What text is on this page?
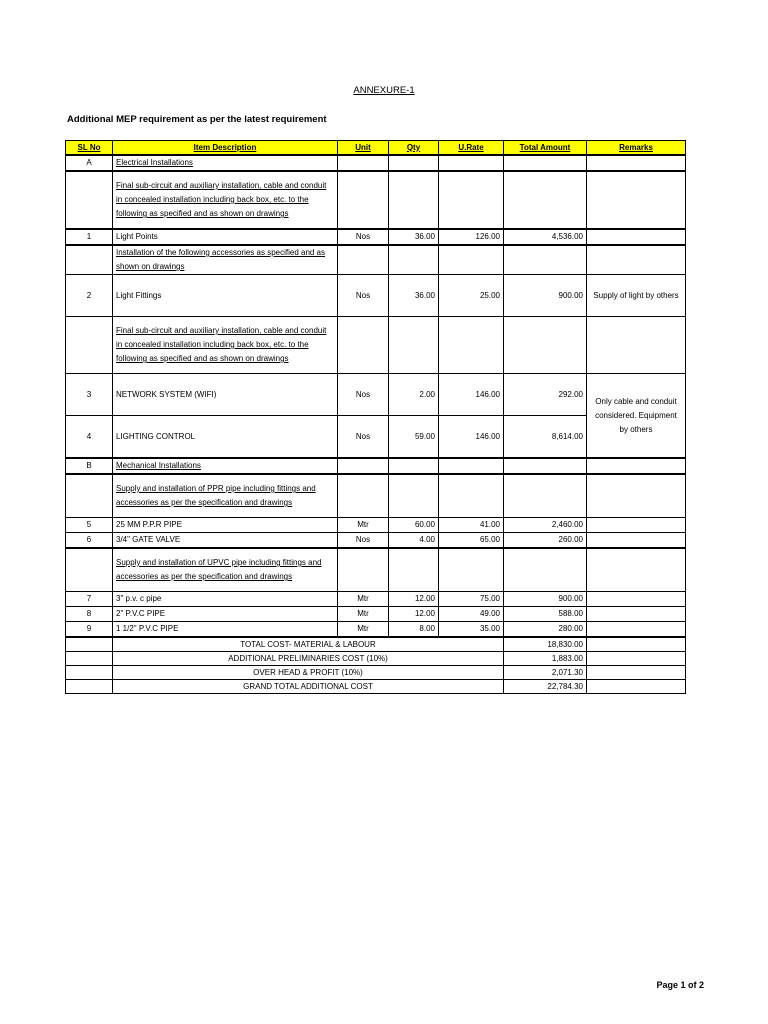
ANNEXURE-1
Additional MEP requirement as per the latest requirement
SL No	Item Description	Unit	Qty	U.Rate	Total Amount	Remarks

A	Electrical Installations					

	Final sub-circuit and auxiliary installation, cable and conduit in concealed installation including back box, etc. to the following as specified and as shown on drawings					

1	Light Points	Nos	36.00	126.00	4,536.00	

	Installation of the following accessories as specified and as shown on drawings					
2	Light Fittings	Nos	36.00	25.00	900.00	Supply of light by others
	Final sub-circuit and auxiliary installation, cable and conduit in concealed installation including back box, etc. to the following as specified and as shown on drawings					
3	NETWORK SYSTEM (WIFI)	Nos	2.00	146.00	292.00	Only cable and conduit considered. Equipment by others
4	LIGHTING CONTROL	Nos	59.00	146.00	8,614.00	

B	Mechanical Installations					

	Supply and installation of PPR pipe including fittings and accessories as per the specification and drawings					
5	25 MM P.P.R PIPE	Mtr	60.00	41.00	2,460.00	
6	3/4" GATE VALVE	Nos	4.00	65.00	260.00	

	Supply and installation of UPVC pipe including fittings and accessories as per the specification and drawings					
7	3" p.v. c pipe	Mtr	12.00	75.00	900.00	
8	2" P.V.C PIPE	Mtr	12.00	49.00	588.00	
9	1 1/2" P.V.C PIPE	Mtr	8.00	35.00	280.00	

	TOTAL COST- MATERIAL & LABOUR				18,830.00	
	ADDITIONAL PRELIMINARIES COST (10%)				1,883.00	
	OVER HEAD & PROFIT (10%)				2,071.30	
	GRAND TOTAL ADDITIONAL COST				22,784.30	
Page 1 of 2
